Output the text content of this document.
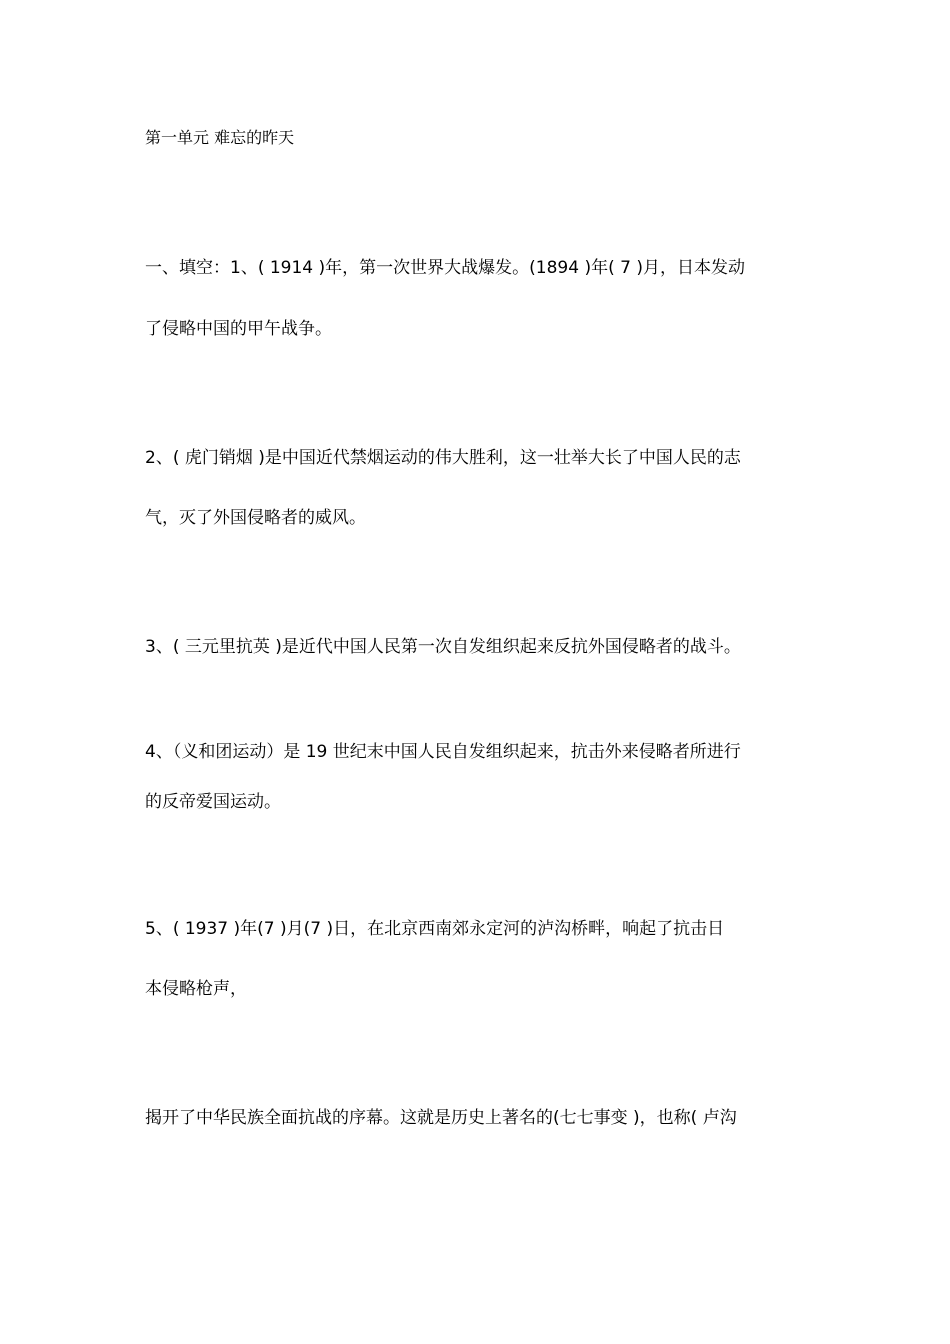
第一单元 难忘的昨天
一、填空：1、( 1914 )年，第一次世界大战爆发。(1894 )年( 7 )月，日本发动
了侵略中国的甲午战争。
2、( 虎门销烟 )是中国近代禁烟运动的伟大胜利，这一壮举大长了中国人民的志
气，灭了外国侵略者的威风。
3、( 三元里抗英 )是近代中国人民第一次自发组织起来反抗外国侵略者的战斗。
4、（义和团运动）是 19 世纪末中国人民自发组织起来，抗击外来侵略者所进行
的反帝爱国运动。
5、( 1937 )年(7 )月(7 )日，在北京西南郊永定河的泸沟桥畔，响起了抗击日
本侵略枪声，
揭开了中华民族全面抗战的序幕。这就是历史上著名的(七七事变 )，也称( 卢沟
